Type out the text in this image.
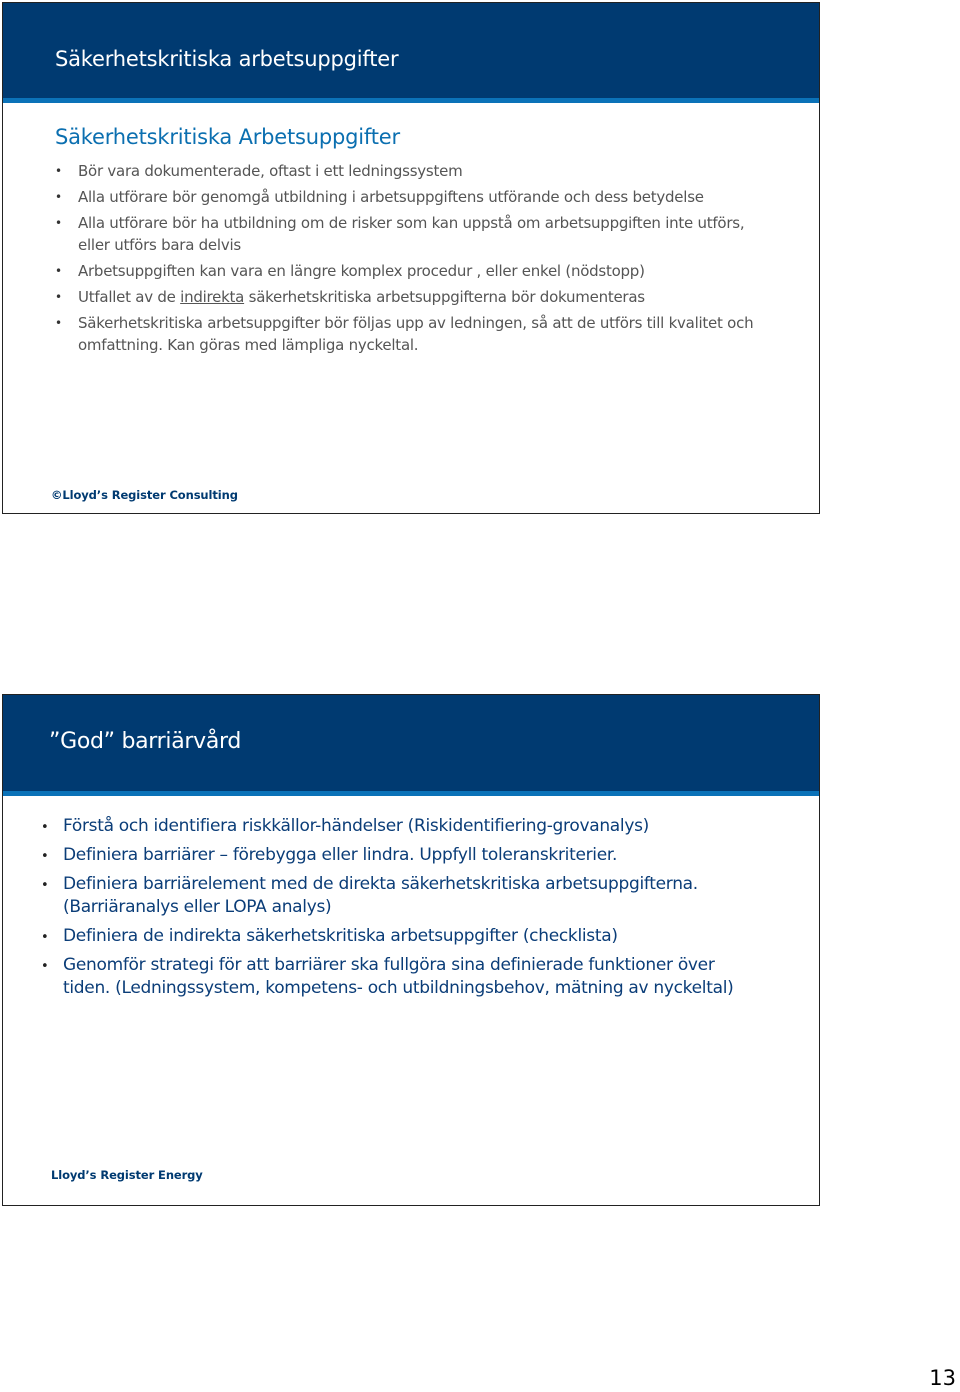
Säkerhetskritiska arbetsuppgifter
Säkerhetskritiska Arbetsuppgifter
• Bör vara dokumenterade, oftast i ett ledningssystem
• Alla utförare bör genomgå utbildning i arbetsuppgiftens utförande och dess betydelse
• Alla utförare bör ha utbildning om de risker som kan uppstå om arbetsuppgiften inte utförs, eller utförs bara delvis
• Arbetsuppgiften kan vara en längre komplex procedur , eller enkel (nödstopp)
• Utfallet av de indirekta säkerhetskritiska arbetsuppgifterna bör dokumenteras
• Säkerhetskritiska arbetsuppgifter bör följas upp av ledningen, så att de utförs till kvalitet och omfattning. Kan göras med lämpliga nyckeltal.
©Lloyd’s Register Consulting
”God” barriärvård
• Förstå och identifiera riskkällor-händelser (Riskidentifiering-grovanalys)
• Definiera barriärer – förebygga eller lindra. Uppfyll toleranskriterier.
• Definiera barriärelement med de direkta säkerhetskritiska arbetsuppgifterna. (Barriäranalys eller LOPA analys)
• Definiera de indirekta säkerhetskritiska arbetsuppgifter (checklista)
• Genomför strategi för att barriärer ska fullgöra sina definierade funktioner över tiden. (Ledningssystem, kompetens- och utbildningsbehov, mätning av nyckeltal)
Lloyd’s Register Energy
13
